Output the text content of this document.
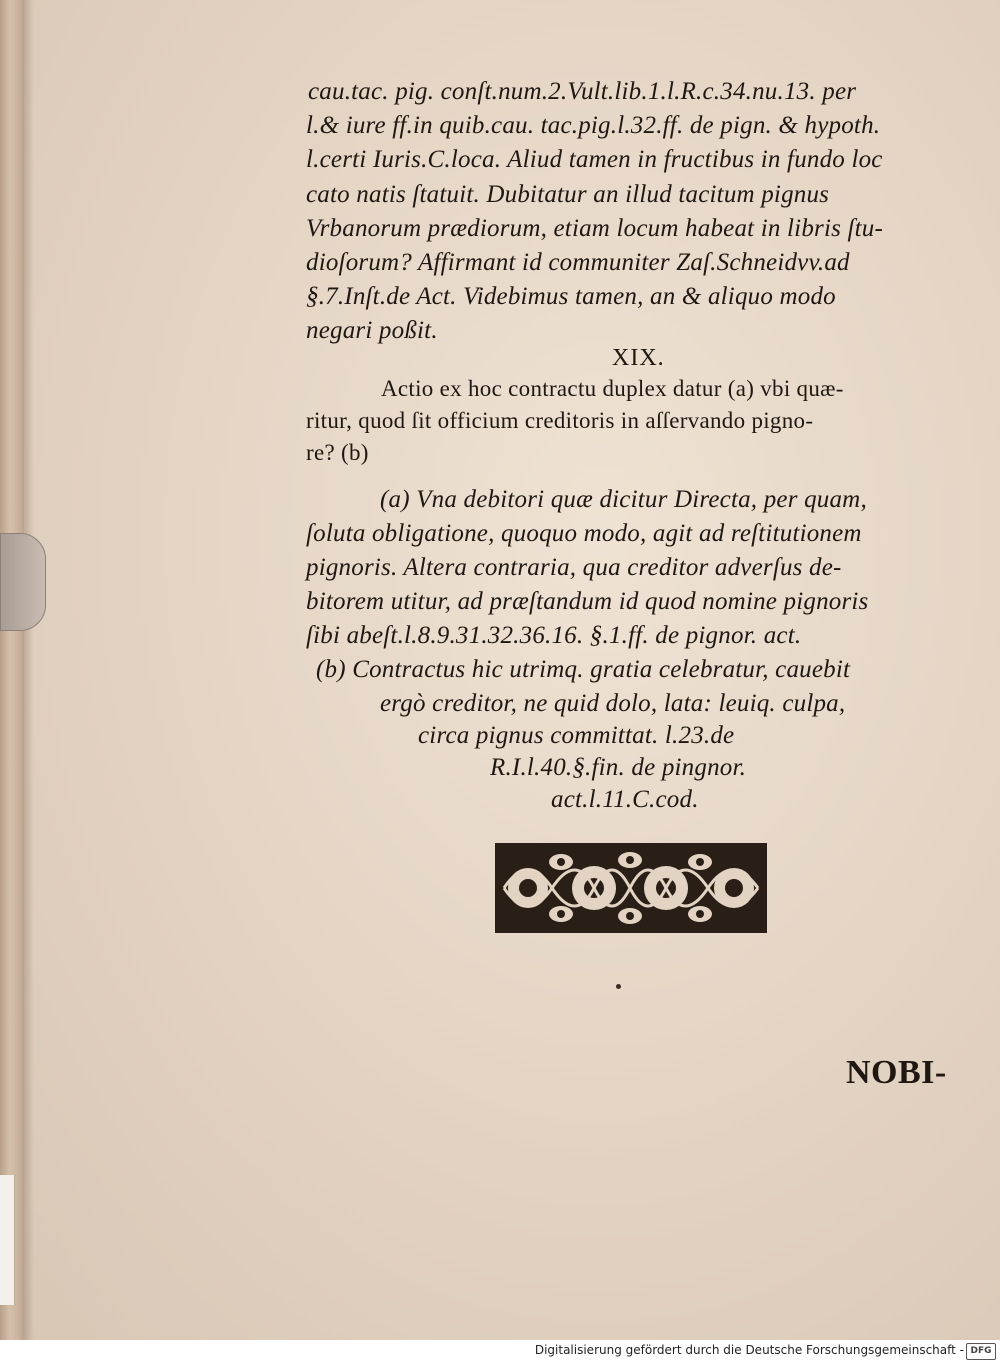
cau.tac. pig. conſt.num.2.Vult.lib.1.l.R.c.34.nu.13. per
l.& iure ff.in quib.cau. tac.pig.l.32.ff. de pign. & hypoth.
l.certi Iuris.C.loca. Aliud tamen in fructibus in fundo loc
cato natis ſtatuit. Dubitatur an illud tacitum pignus
Vrbanorum prædiorum, etiam locum habeat in libris ſtu-
dioſorum? Affirmant id communiter Zaſ.Schneidvv.ad
§.7.Inſt.de Act. Videbimus tamen, an & aliquo modo
negari poßit.
XIX.
Actio ex hoc contractu duplex datur (a) vbi quæ-
ritur, quod ſit officium creditoris in aſſervando pigno-
re? (b)
(a) Vna debitori quæ dicitur Directa, per quam,
ſoluta obligatione, quoquo modo, agit ad reſtitutionem
pignoris. Altera contraria, qua creditor adverſus de-
bitorem utitur, ad præſtandum id quod nomine pignoris
ſibi abeſt.l.8.9.31.32.36.16. §.1.ff. de pignor. act.
(b) Contractus hic utrimq. gratia celebratur, cauebit
ergò creditor, ne quid dolo, lata: leuiq. culpa,
circa pignus committat. l.23.de
R.I.l.40.§.fin. de pingnor.
act.l.11.C.cod.
NOBI-
Digitalisierung gefördert durch die Deutsche Forschungsgemeinschaft - DFG
